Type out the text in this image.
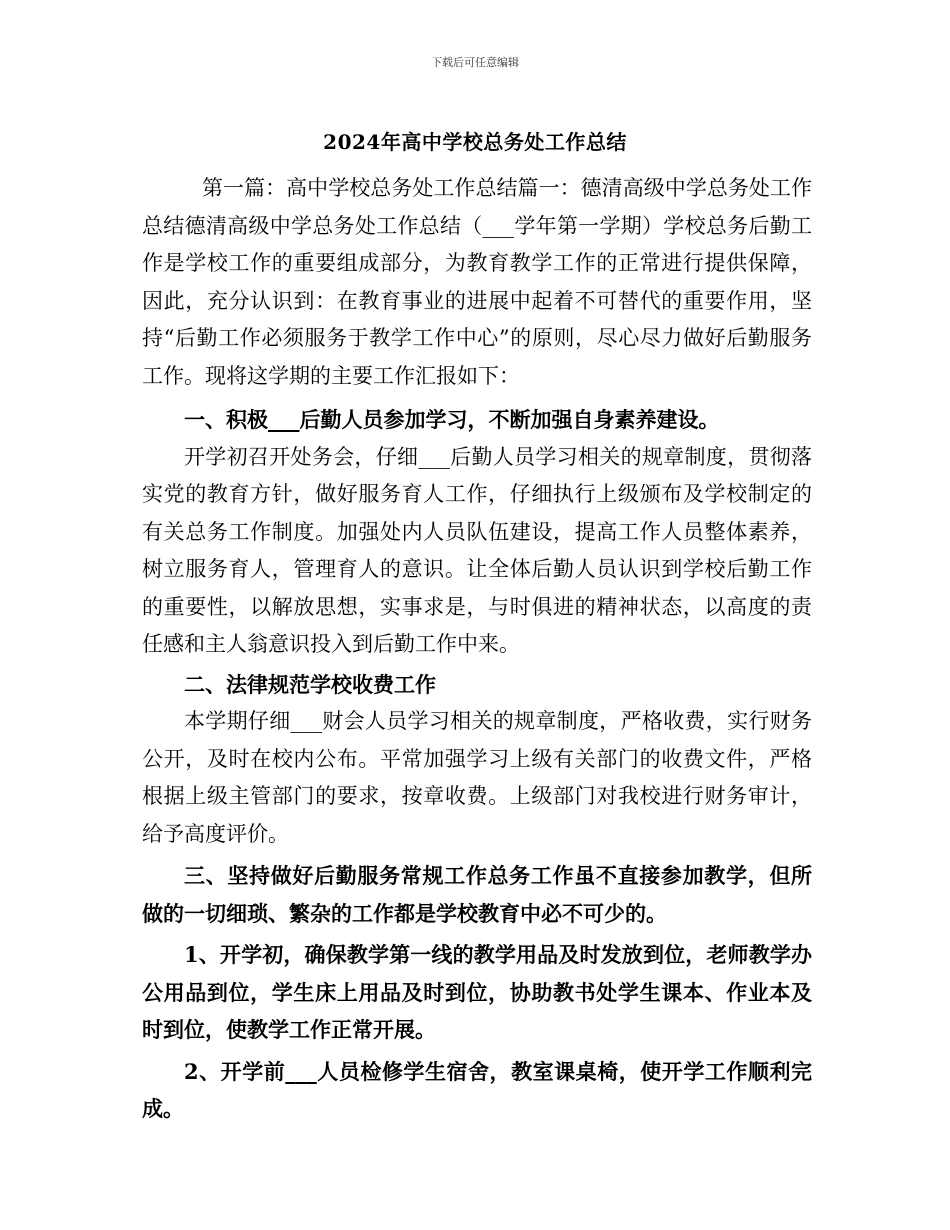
下载后可任意编辑
2024年高中学校总务处工作总结

第一篇：高中学校总务处工作总结篇一：德清高级中学总务处工作总结德清高级中学总务处工作总结（___学年第一学期）学校总务后勤工作是学校工作的重要组成部分，为教育教学工作的正常进行提供保障，因此，充分认识到：在教育事业的进展中起着不可替代的重要作用，坚持“后勤工作必须服务于教学工作中心”的原则，尽心尽力做好后勤服务工作。现将这学期的主要工作汇报如下：

一、积极___后勤人员参加学习，不断加强自身素养建设。

开学初召开处务会，仔细___后勤人员学习相关的规章制度，贯彻落实党的教育方针，做好服务育人工作，仔细执行上级颁布及学校制定的有关总务工作制度。加强处内人员队伍建设，提高工作人员整体素养，树立服务育人，管理育人的意识。让全体后勤人员认识到学校后勤工作的重要性，以解放思想，实事求是，与时俱进的精神状态，以高度的责任感和主人翁意识投入到后勤工作中来。

二、法律规范学校收费工作

本学期仔细___财会人员学习相关的规章制度，严格收费，实行财务公开，及时在校内公布。平常加强学习上级有关部门的收费文件，严格根据上级主管部门的要求，按章收费。上级部门对我校进行财务审计，给予高度评价。

三、坚持做好后勤服务常规工作总务工作虽不直接参加教学，但所做的一切细琐、繁杂的工作都是学校教育中必不可少的。

1、开学初，确保教学第一线的教学用品及时发放到位，老师教学办公用品到位，学生床上用品及时到位，协助教书处学生课本、作业本及时到位，使教学工作正常开展。

2、开学前___人员检修学生宿舍，教室课桌椅，使开学工作顺利完成。
